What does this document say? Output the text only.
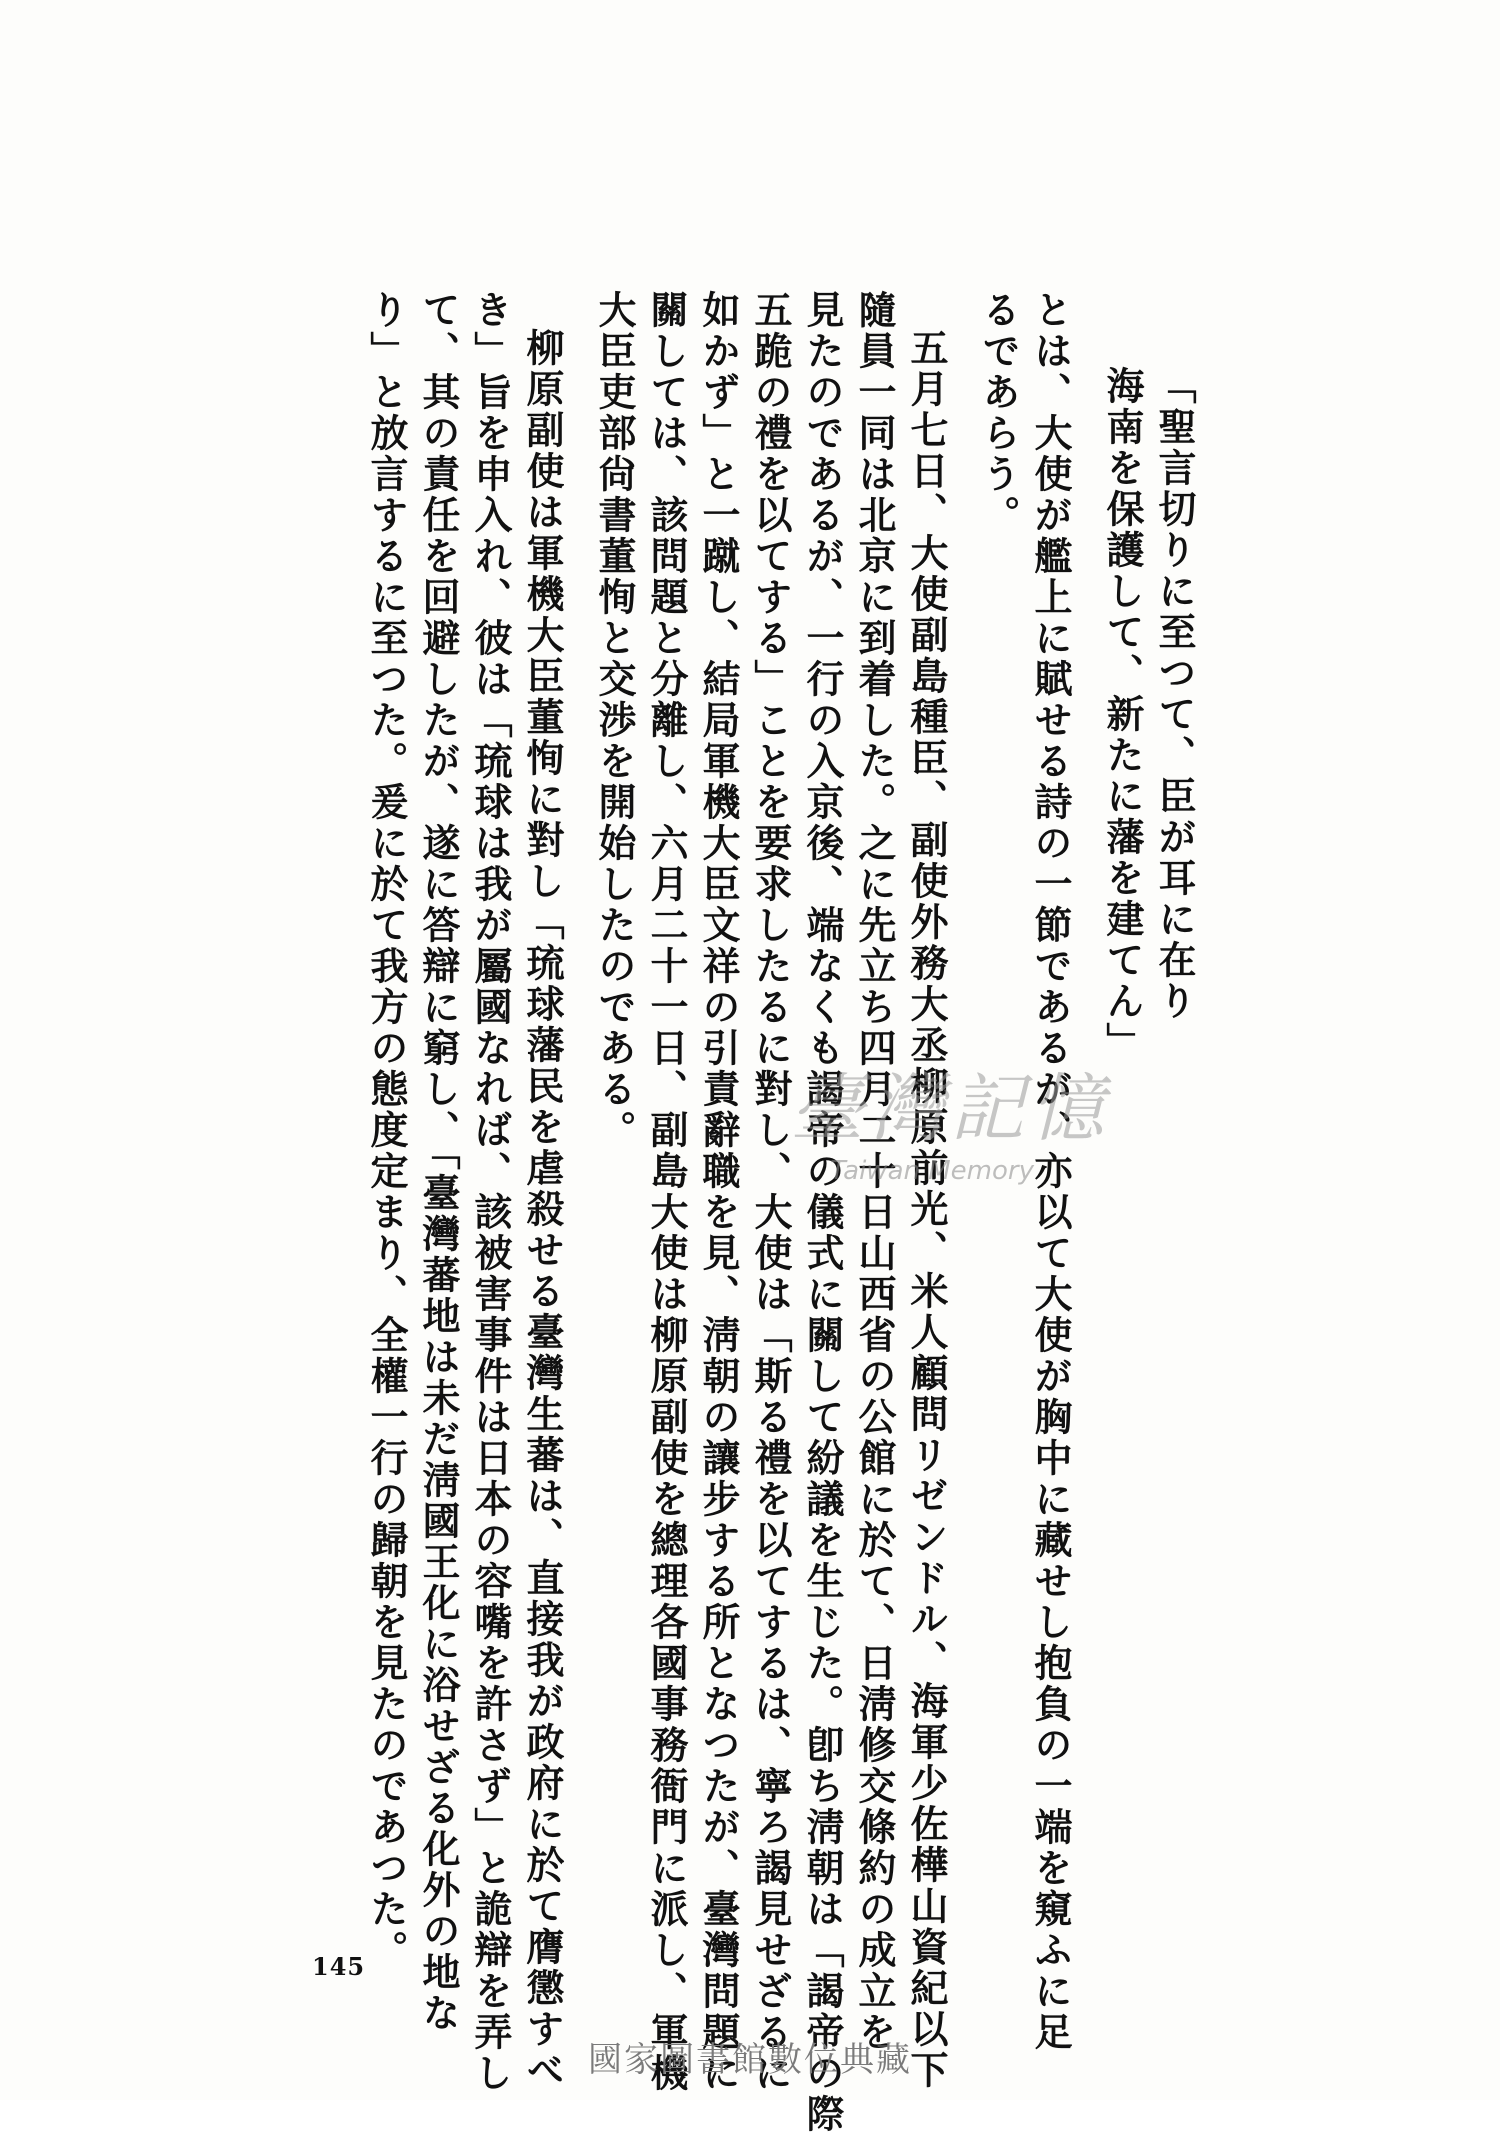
「聖言切りに至つて、臣が耳に在り
海南を保護して、新たに藩を建てん」
とは、大使が艦上に賦せる詩の一節であるが、亦以て大使が胸中に藏せし抱負の一端を窺ふに足
るであらう。
五月七日、大使副島種臣、副使外務大丞柳原前光、米人顧問リゼンドル、海軍少佐樺山資紀以下
隨員一同は北京に到着した。之に先立ち四月二十日山西省の公館に於て、日淸修交條約の成立を
見たのであるが、一行の入京後、端なくも謁帝の儀式に關して紛議を生じた。卽ち淸朝は「謁帝の際
五跪の禮を以てする」ことを要求したるに對し、大使は「斯る禮を以てするは、寧ろ謁見せざるに
如かず」と一蹴し、結局軍機大臣文祥の引責辭職を見、淸朝の讓步する所となつたが、臺灣問題に
關しては、該問題と分離し、六月二十一日、副島大使は柳原副使を總理各國事務衙門に派し、軍機
大臣吏部尙書董恂と交渉を開始したのである。
柳原副使は軍機大臣董恂に對し「琉球藩民を虐殺せる臺灣生蕃は、直接我が政府に於て膺懲すべ
き」旨を申入れ、彼は「琉球は我が屬國なれば、該被害事件は日本の容嘴を許さず」と詭辯を弄し
て、其の責任を回避したが、遂に答辯に窮し、「臺灣蕃地は未だ淸國王化に浴せざる化外の地な
り」と放言するに至つた。爰に於て我方の態度定まり、全權一行の歸朝を見たのであつた。	臺灣記憶
Taiwan Memory
145
國家圖書館數位典藏
